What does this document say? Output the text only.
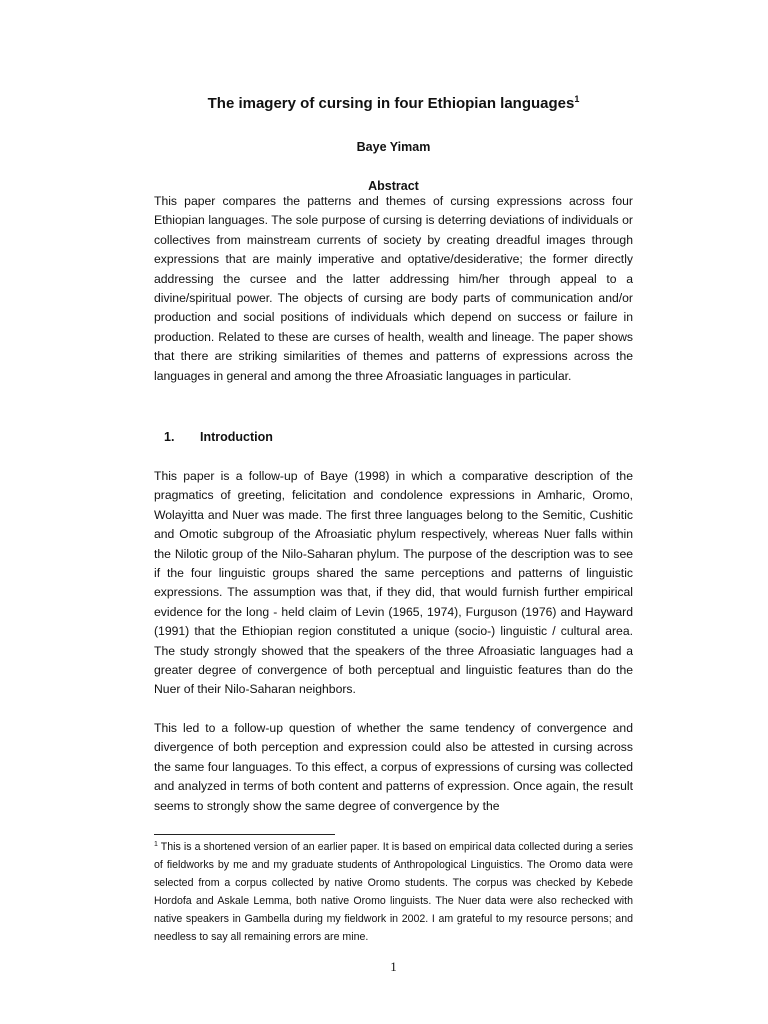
The imagery of cursing in four Ethiopian languages$^1$
Baye Yimam
Abstract

This paper compares the patterns and themes of cursing expressions across four Ethiopian languages. The sole purpose of cursing is deterring deviations of individuals or collectives from mainstream currents of society by creating dreadful images through expressions that are mainly imperative and optative/desiderative; the former directly addressing the cursee and the latter addressing him/her through appeal to a divine/spiritual power. The objects of cursing are body parts of communication and/or production and social positions of individuals which depend on success or failure in production. Related to these are curses of health, wealth and lineage. The paper shows that there are striking similarities of themes and patterns of expressions across the languages in general and among the three Afroasiatic languages in particular.

1. Introduction

This paper is a follow-up of Baye (1998) in which a comparative description of the pragmatics of greeting, felicitation and condolence expressions in Amharic, Oromo, Wolayitta and Nuer was made. The first three languages belong to the Semitic, Cushitic and Omotic subgroup of the Afroasiatic phylum respectively, whereas Nuer falls within the Nilotic group of the Nilo-Saharan phylum. The purpose of the description was to see if the four linguistic groups shared the same perceptions and patterns of linguistic expressions. The assumption was that, if they did, that would furnish further empirical evidence for the long - held claim of Levin (1965, 1974), Furguson (1976) and Hayward (1991) that the Ethiopian region constituted a unique (socio-) linguistic / cultural area. The study strongly showed that the speakers of the three Afroasiatic languages had a greater degree of convergence of both perceptual and linguistic features than do the Nuer of their Nilo-Saharan neighbors.

This led to a follow-up question of whether the same tendency of convergence and divergence of both perception and expression could also be attested in cursing across the same four languages. To this effect, a corpus of expressions of cursing was collected and analyzed in terms of both content and patterns of expression. Once again, the result seems to strongly show the same degree of convergence by the

$^1$ This is a shortened version of an earlier paper. It is based on empirical data collected during a series of fieldworks by me and my graduate students of Anthropological Linguistics. The Oromo data were selected from a corpus collected by native Oromo students. The corpus was checked by Kebede Hordofa and Askale Lemma, both native Oromo linguists. The Nuer data were also rechecked with native speakers in Gambella during my fieldwork in 2002. I am grateful to my resource persons; and needless to say all remaining errors are mine.

1
